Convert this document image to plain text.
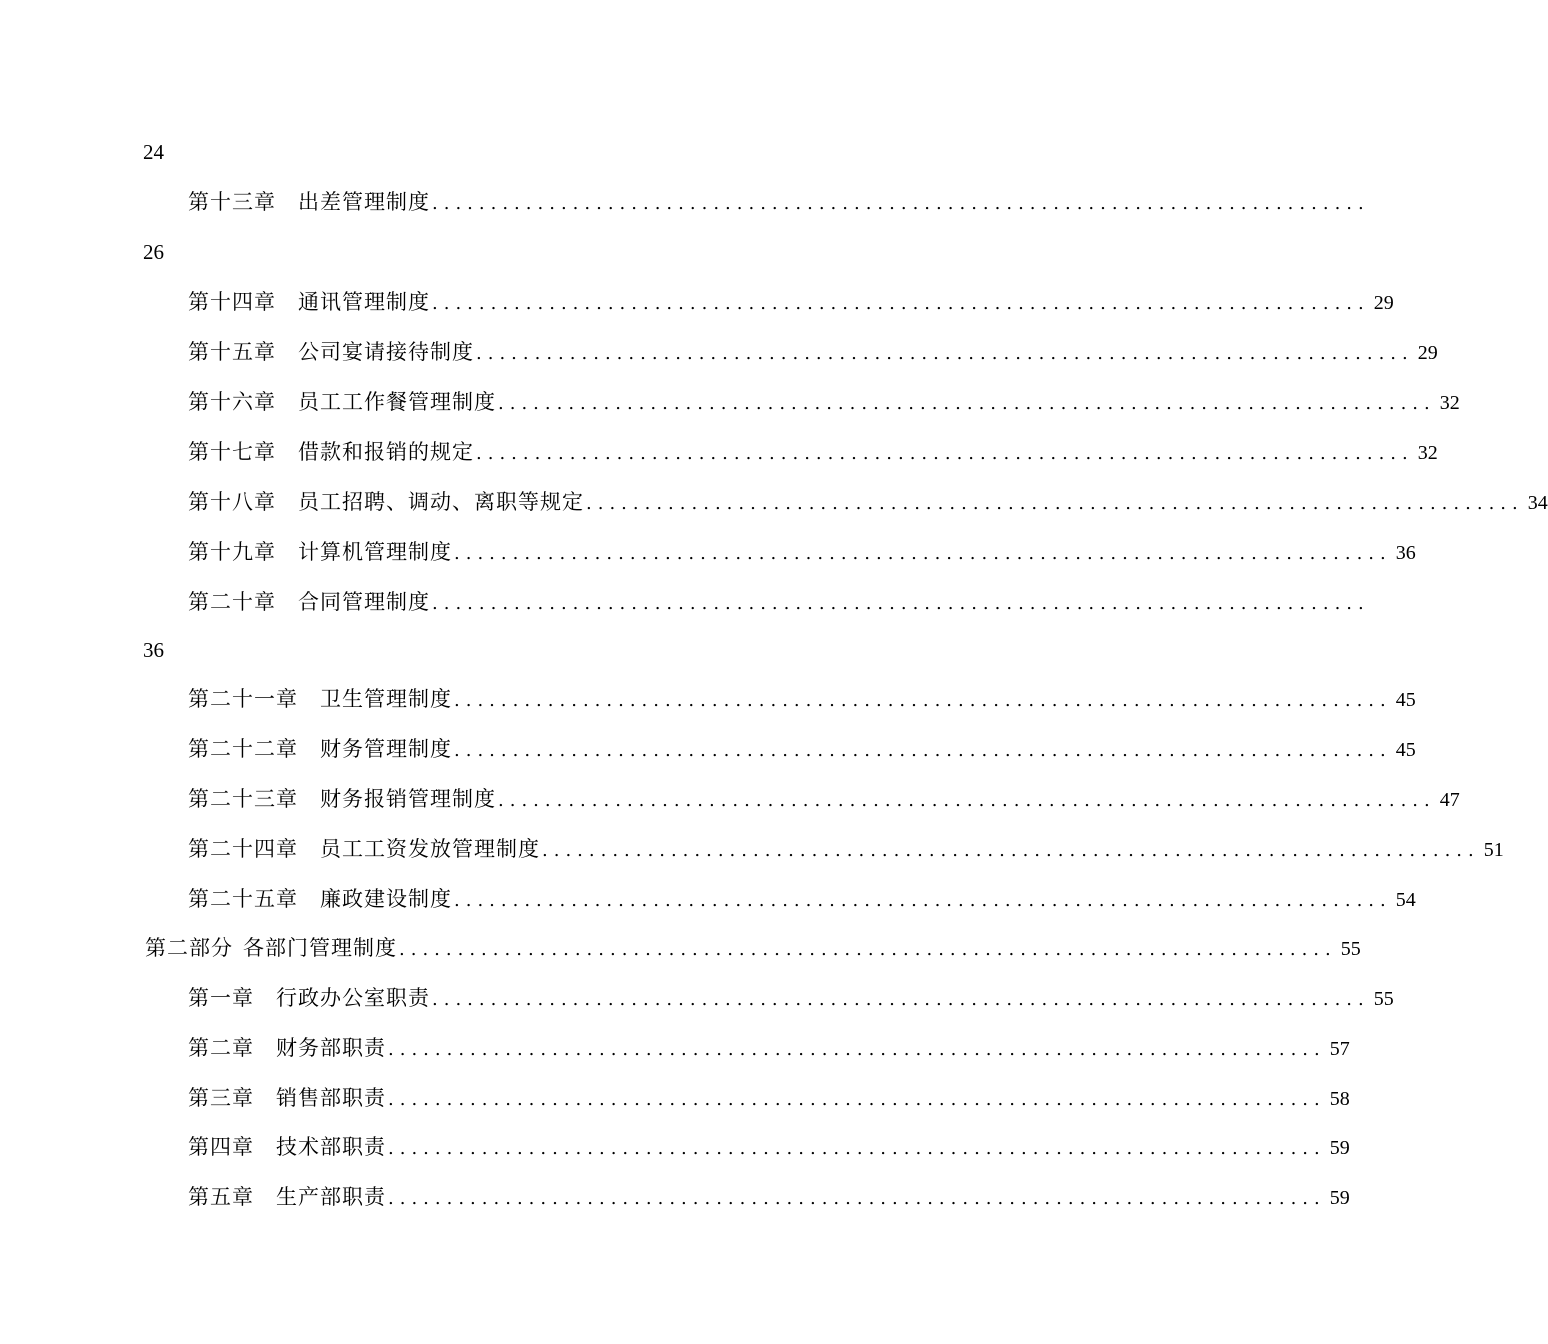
24
第十三章 出差管理制度 ................................................................................
26
第十四章 通讯管理制度 ................................................................................ 29
第十五章 公司宴请接待制度 ................................................................................ 29
第十六章 员工工作餐管理制度 ................................................................................ 32
第十七章 借款和报销的规定 ................................................................................ 32
第十八章 员工招聘、调动、离职等规定 ................................................................................ 34
第十九章 计算机管理制度 ................................................................................ 36
第二十章 合同管理制度 ................................................................................
36
第二十一章 卫生管理制度 ................................................................................ 45
第二十二章 财务管理制度 ................................................................................ 45
第二十三章 财务报销管理制度 ................................................................................ 47
第二十四章 员工工资发放管理制度 ................................................................................ 51
第二十五章 廉政建设制度 ................................................................................ 54
第二部分 各部门管理制度 ................................................................................ 55
第一章 行政办公室职责 ................................................................................ 55
第二章 财务部职责 ................................................................................ 57
第三章 销售部职责 ................................................................................ 58
第四章 技术部职责 ................................................................................ 59
第五章 生产部职责 ................................................................................ 59
